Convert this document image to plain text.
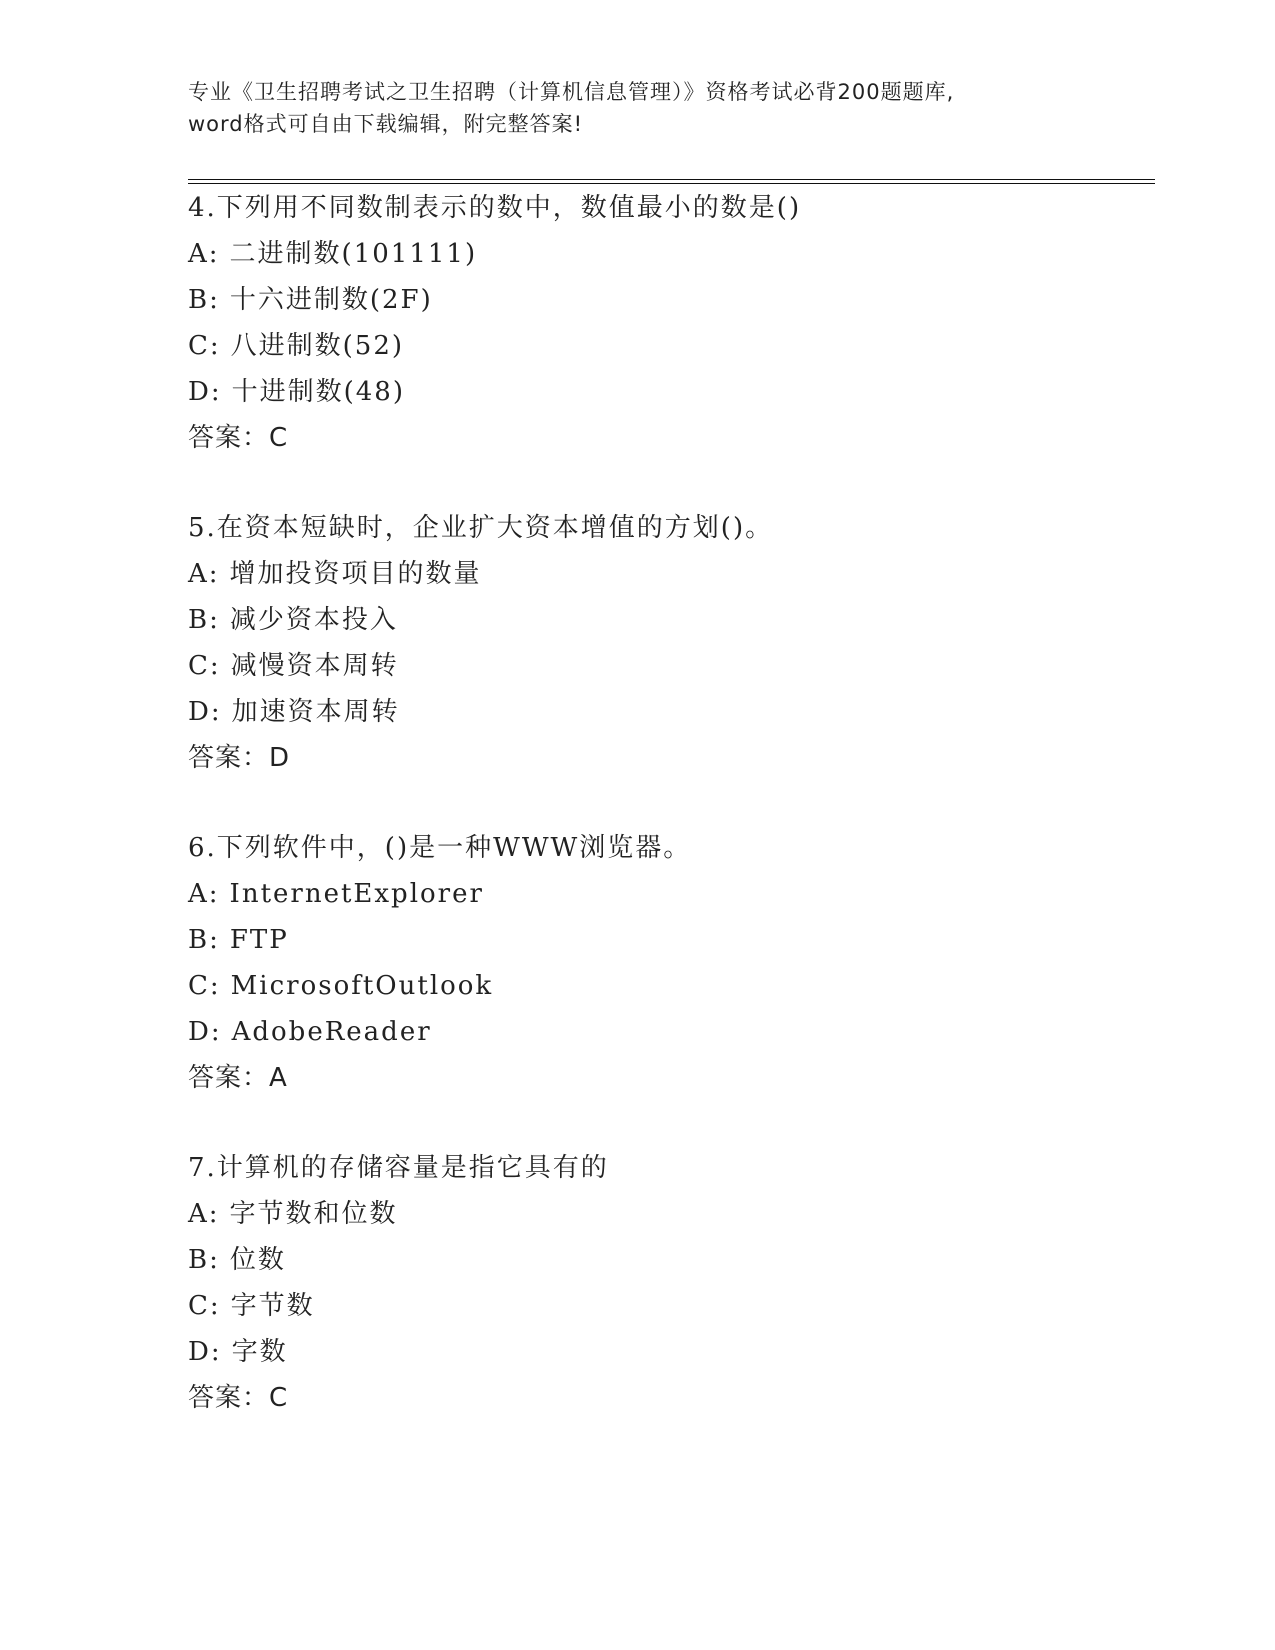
专业《卫生招聘考试之卫生招聘（计算机信息管理）》资格考试必背200题题库,
word格式可自由下载编辑，附完整答案!
4.下列用不同数制表示的数中，数值最小的数是()
A: 二进制数(101111)
B: 十六进制数(2F)
C: 八进制数(52)
D: 十进制数(48)
答案：C
5.在资本短缺时，企业扩大资本增值的方划()。
A: 增加投资项目的数量
B: 减少资本投入
C: 减慢资本周转
D: 加速资本周转
答案：D
6.下列软件中，()是一种WWW浏览器。
A: InternetExplorer
B: FTP
C: MicrosoftOutlook
D: AdobeReader
答案：A
7.计算机的存储容量是指它具有的
A: 字节数和位数
B: 位数
C: 字节数
D: 字数
答案：C
